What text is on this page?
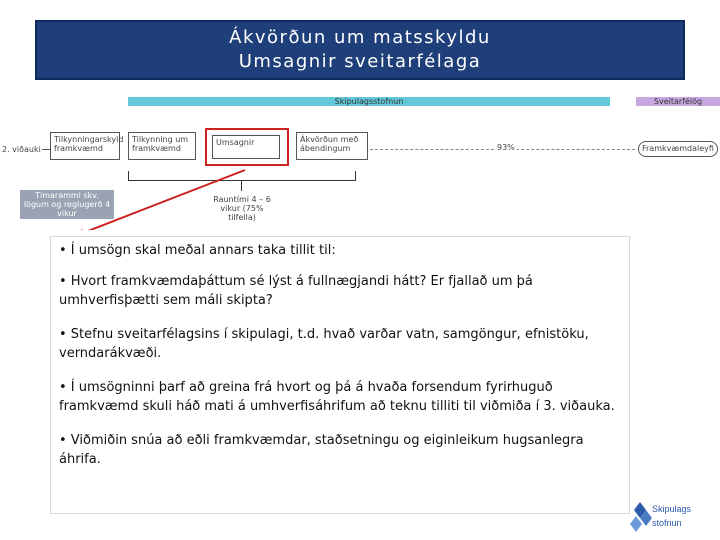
Ákvörðun um matsskyldu
Umsagnir sveitarfélaga
Skipulagsstofnun	Sveitarfélög
2. viðauki
Tilkynningarskyld framkvæmd
Tilkynning um framkvæmd
Umsagnir	Ákvörðun með ábendingum	93%	Framkvæmdaleyfi
Tímarammi skv. lögum og reglugerð 4 vikur
Rauntími 4 – 6 vikur (75% tilfella)

• Í umsögn skal meðal annars taka tillit til:

• Hvort framkvæmdaþáttum sé lýst á fullnægjandi hátt? Er fjallað um þá umhverfisþætti sem máli skipta?

• Stefnu sveitarfélagsins í skipulagi, t.d. hvað varðar vatn, samgöngur, efnistöku, verndarákvæði.

• Í umsögninni þarf að greina frá hvort og þá á hvaða forsendum fyrirhuguð framkvæmd skuli háð mati á umhverfisáhrifum að teknu tilliti til viðmiða í 3. viðauka.

• Viðmiðin snúa að eðli framkvæmdar, staðsetningu og eiginleikum hugsanlegra áhrifa.

Skipulags
stofnun
